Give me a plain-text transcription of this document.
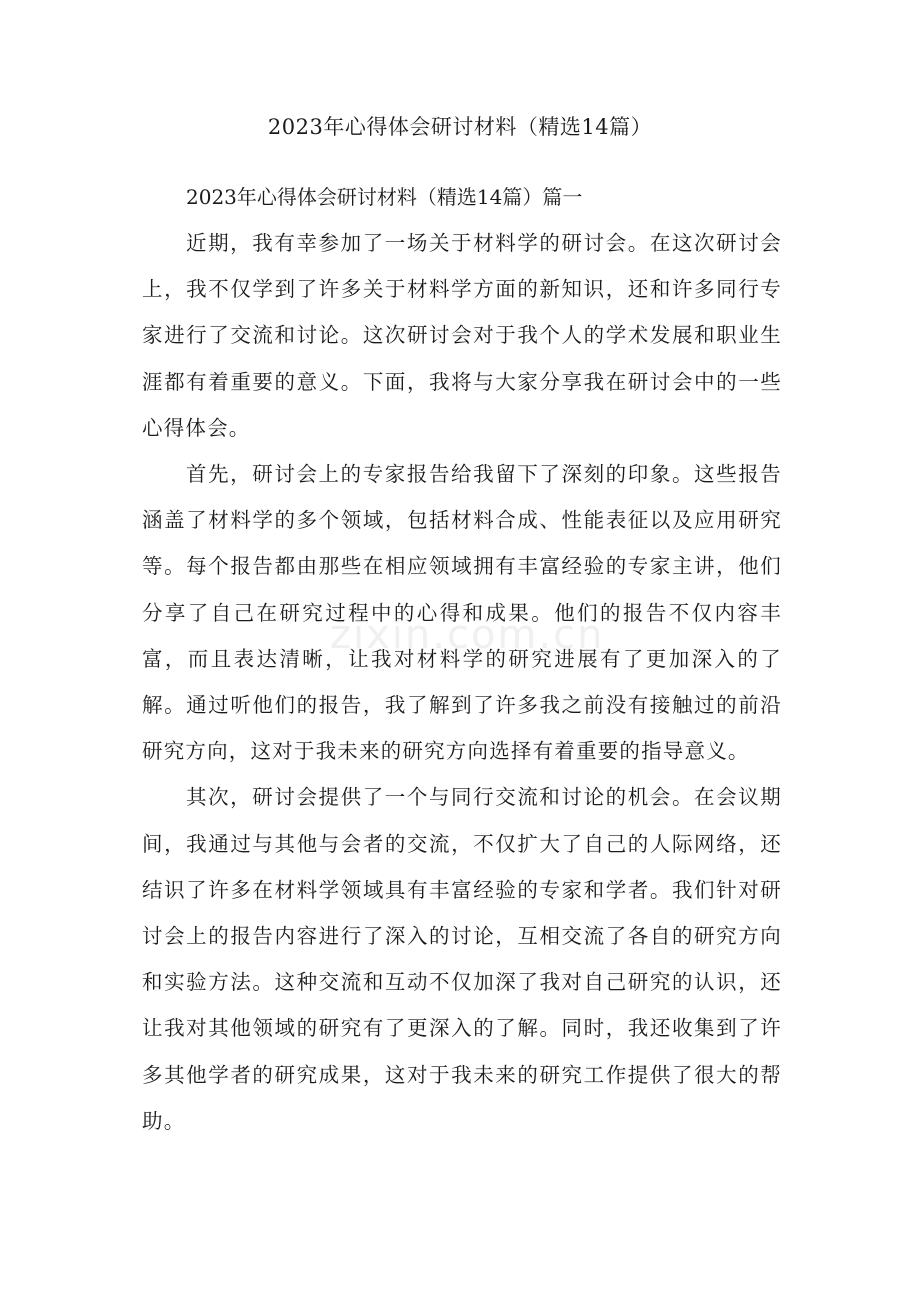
2023年心得体会研讨材料（精选14篇）
2023年心得体会研讨材料（精选14篇）篇一

近期，我有幸参加了一场关于材料学的研讨会。在这次研讨会上，我不仅学到了许多关于材料学方面的新知识，还和许多同行专家进行了交流和讨论。这次研讨会对于我个人的学术发展和职业生涯都有着重要的意义。下面，我将与大家分享我在研讨会中的一些心得体会。

首先，研讨会上的专家报告给我留下了深刻的印象。这些报告涵盖了材料学的多个领域，包括材料合成、性能表征以及应用研究等。每个报告都由那些在相应领域拥有丰富经验的专家主讲，他们分享了自己在研究过程中的心得和成果。他们的报告不仅内容丰富，而且表达清晰，让我对材料学的研究进展有了更加深入的了解。通过听他们的报告，我了解到了许多我之前没有接触过的前沿研究方向，这对于我未来的研究方向选择有着重要的指导意义。

其次，研讨会提供了一个与同行交流和讨论的机会。在会议期间，我通过与其他与会者的交流，不仅扩大了自己的人际网络，还结识了许多在材料学领域具有丰富经验的专家和学者。我们针对研讨会上的报告内容进行了深入的讨论，互相交流了各自的研究方向和实验方法。这种交流和互动不仅加深了我对自己研究的认识，还让我对其他领域的研究有了更深入的了解。同时，我还收集到了许多其他学者的研究成果，这对于我未来的研究工作提供了很大的帮助。

zixin.com.cn
